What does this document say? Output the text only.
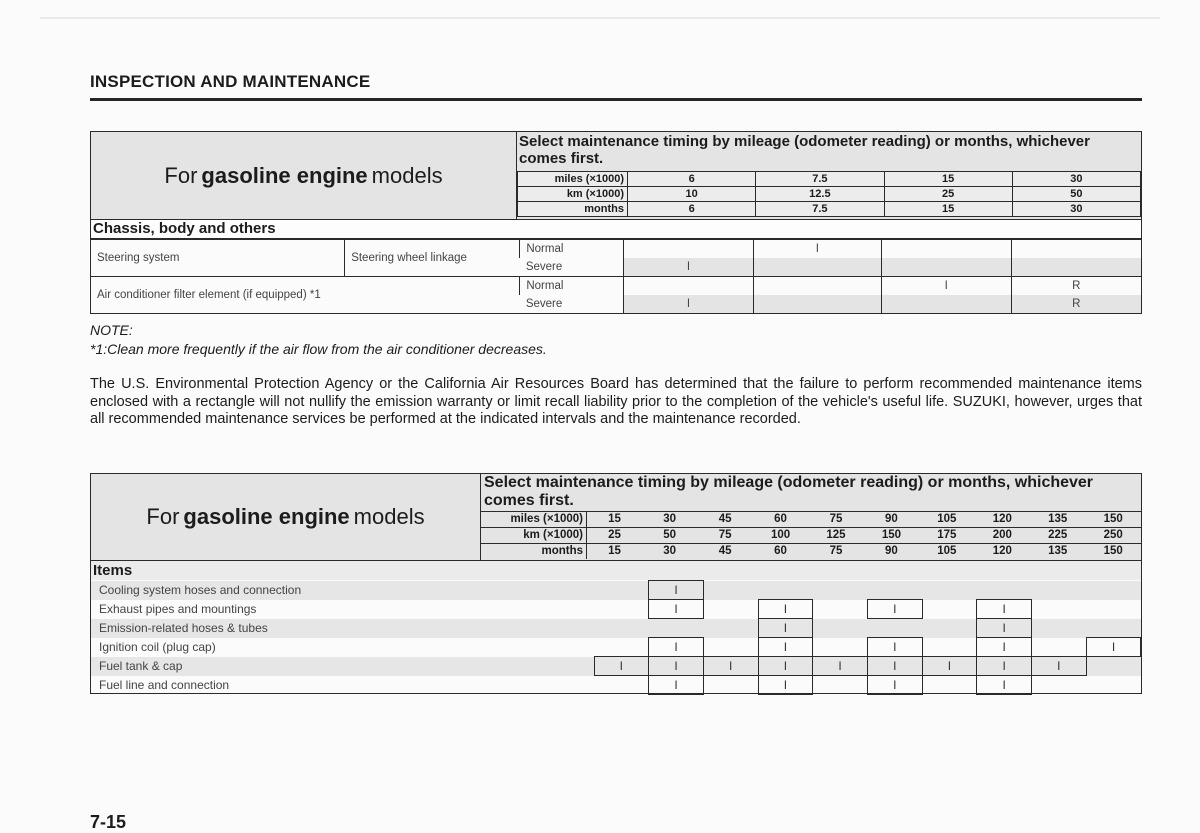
INSPECTION AND MAINTENANCE
For gasoline engine models
Select maintenance timing by mileage (odometer reading) or months, whichever comes first.
miles (×1000)	6	7.5	15	30
km (×1000)	10	12.5	25	50
months	6	7.5	15	30
Chassis, body and others
Steering system	Steering wheel linkage	Normal		I		
		Severe	I			
Air conditioner filter element (if equipped) *1		Normal			I	R
		Severe	I			R

NOTE:

*1:Clean more frequently if the air flow from the air conditioner decreases.

The U.S. Environmental Protection Agency or the California Air Resources Board has determined that the failure to perform recommended maintenance items enclosed with a rectangle will not nullify the emission warranty or limit recall liability prior to the completion of the vehicle's useful life. SUZUKI, however, urges that all recommended maintenance services be performed at the indicated intervals and the maintenance recorded.

For gasoline engine models
Select maintenance timing by mileage (odometer reading) or months, whichever comes first.
miles (×1000)	15	30	45	60	75	90	105	120	135	150
km (×1000)	25	50	75	100	125	150	175	200	225	250
months	15	30	45	60	75	90	105	120	135	150
Items
Cooling system hoses and connection		I								
Exhaust pipes and mountings		I		I		I		I		
Emission-related hoses & tubes				I				I		
Ignition coil (plug cap)		I		I		I		I		I
Fuel tank & cap	I	I	I	I	I	I	I	I	I	
Fuel line and connection		I		I		I		I		

7-15
